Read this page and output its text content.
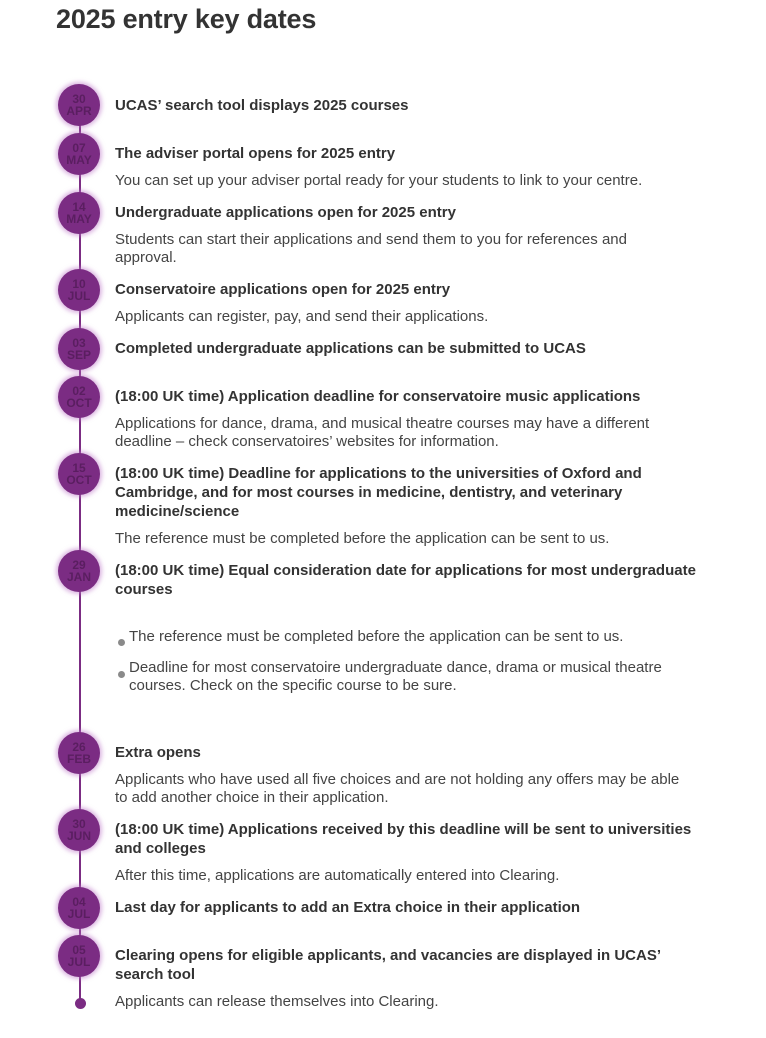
2025 entry key dates
30
APR	UCAS’ search tool displays 2025 courses
07
MAY	The adviser portal opens for 2025 entry
You can set up your adviser portal ready for your students to link to your centre.
14
MAY	Undergraduate applications open for 2025 entry
Students can start their applications and send them to you for references and approval.
10
JUL	Conservatoire applications open for 2025 entry
Applicants can register, pay, and send their applications.
03
SEP	Completed undergraduate applications can be submitted to UCAS
02
OCT	(18:00 UK time) Application deadline for conservatoire music applications
Applications for dance, drama, and musical theatre courses may have a different deadline – check conservatoires’ websites for information.
15
OCT	(18:00 UK time) Deadline for applications to the universities of Oxford and Cambridge, and for most courses in medicine, dentistry, and veterinary medicine/science
The reference must be completed before the application can be sent to us.
29
JAN	(18:00 UK time) Equal consideration date for applications for most undergraduate courses
The reference must be completed before the application can be sent to us.
Deadline for most conservatoire undergraduate dance, drama or musical theatre courses. Check on the specific course to be sure.
26
FEB	Extra opens
Applicants who have used all five choices and are not holding any offers may be able to add another choice in their application.
30
JUN	(18:00 UK time) Applications received by this deadline will be sent to universities and colleges
After this time, applications are automatically entered into Clearing.
04
JUL	Last day for applicants to add an Extra choice in their application
05
JUL	Clearing opens for eligible applicants, and vacancies are displayed in UCAS’ search tool
Applicants can release themselves into Clearing.
